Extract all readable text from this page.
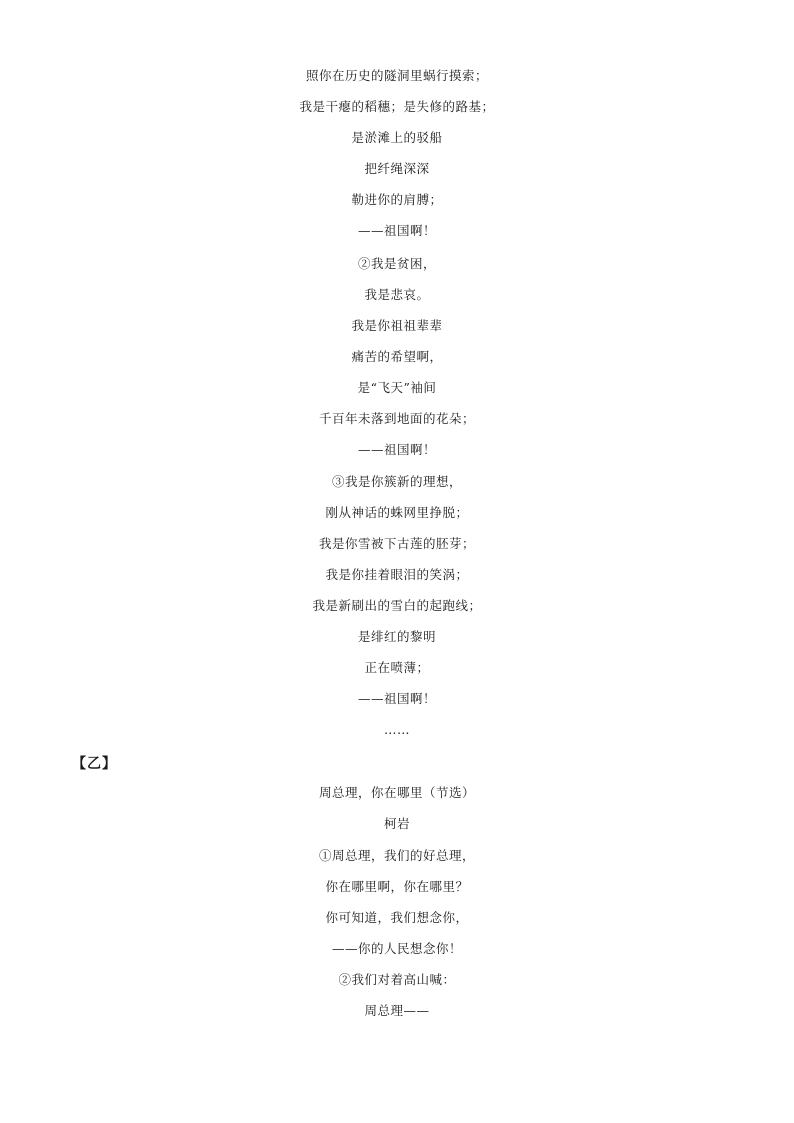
照你在历史的隧洞里蜗行摸索；
我是干瘪的稻穗；是失修的路基；
是淤滩上的驳船
把纤绳深深
勒进你的肩膊；
——祖国啊！
②我是贫困，
我是悲哀。
我是你祖祖辈辈
痛苦的希望啊，
是“飞天”袖间
千百年未落到地面的花朵；
——祖国啊！
③我是你簇新的理想，
刚从神话的蛛网里挣脱；
我是你雪被下古莲的胚芽；
我是你挂着眼泪的笑涡；
我是新刷出的雪白的起跑线；
是绯红的黎明
正在喷薄；
——祖国啊！
……
【乙】
周总理，你在哪里（节选）
柯岩
①周总理，我们的好总理，
你在哪里啊，你在哪里？
你可知道，我们想念你，
——你的人民想念你！
②我们对着高山喊：
周总理——
